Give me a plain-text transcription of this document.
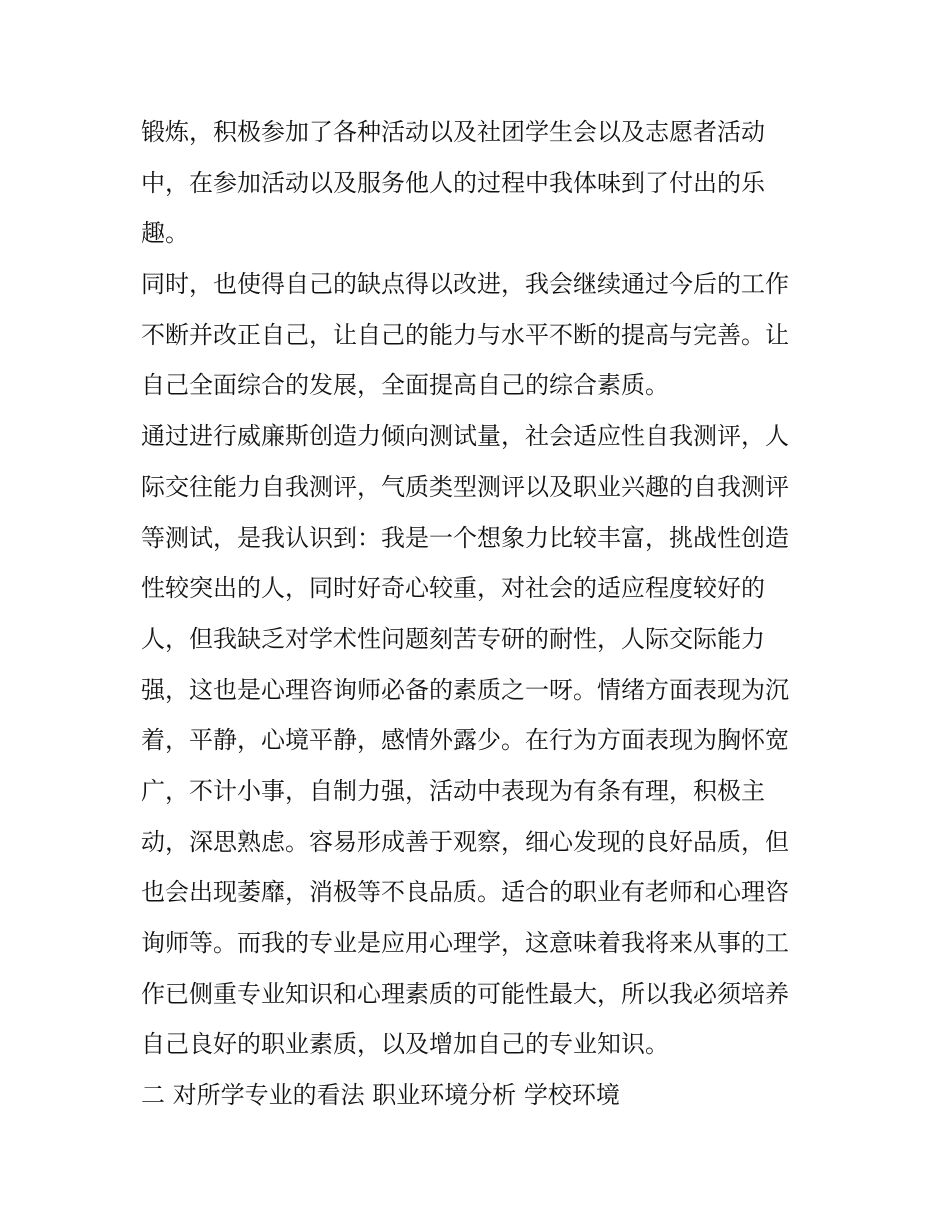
锻炼，积极参加了各种活动以及社团学生会以及志愿者活动
中，在参加活动以及服务他人的过程中我体味到了付出的乐
趣。
同时，也使得自己的缺点得以改进，我会继续通过今后的工作
不断并改正自己，让自己的能力与水平不断的提高与完善。让
自己全面综合的发展，全面提高自己的综合素质。
通过进行威廉斯创造力倾向测试量，社会适应性自我测评，人
际交往能力自我测评，气质类型测评以及职业兴趣的自我测评
等测试，是我认识到：我是一个想象力比较丰富，挑战性创造
性较突出的人，同时好奇心较重，对社会的适应程度较好的
人，但我缺乏对学术性问题刻苦专研的耐性，人际交际能力
强，这也是心理咨询师必备的素质之一呀。情绪方面表现为沉
着，平静，心境平静，感情外露少。在行为方面表现为胸怀宽
广，不计小事，自制力强，活动中表现为有条有理，积极主
动，深思熟虑。容易形成善于观察，细心发现的良好品质，但
也会出现萎靡，消极等不良品质。适合的职业有老师和心理咨
询师等。而我的专业是应用心理学，这意味着我将来从事的工
作已侧重专业知识和心理素质的可能性最大，所以我必须培养
自己良好的职业素质，以及增加自己的专业知识。
二 对所学专业的看法 职业环境分析 学校环境
